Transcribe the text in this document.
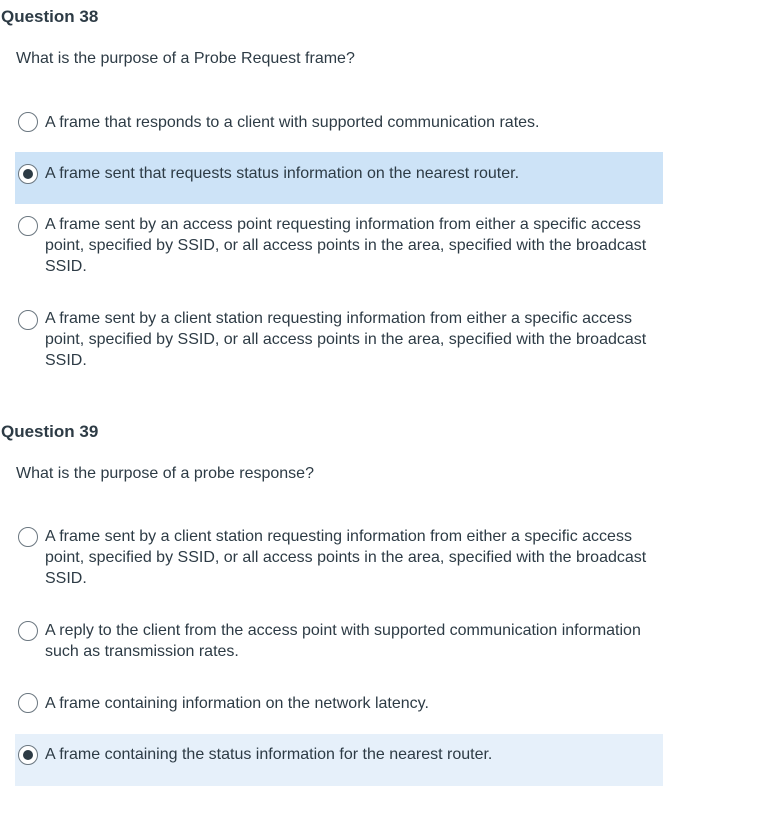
Question 38
What is the purpose of a Probe Request frame?
A frame that responds to a client with supported communication rates.
A frame sent that requests status information on the nearest router.
A frame sent by an access point requesting information from either a specific access point, specified by SSID, or all access points in the area, specified with the broadcast SSID.
A frame sent by a client station requesting information from either a specific access point, specified by SSID, or all access points in the area, specified with the broadcast SSID.
Question 39
What is the purpose of a probe response?
A frame sent by a client station requesting information from either a specific access point, specified by SSID, or all access points in the area, specified with the broadcast SSID.
A reply to the client from the access point with supported communication information such as transmission rates.
A frame containing information on the network latency.
A frame containing the status information for the nearest router.
